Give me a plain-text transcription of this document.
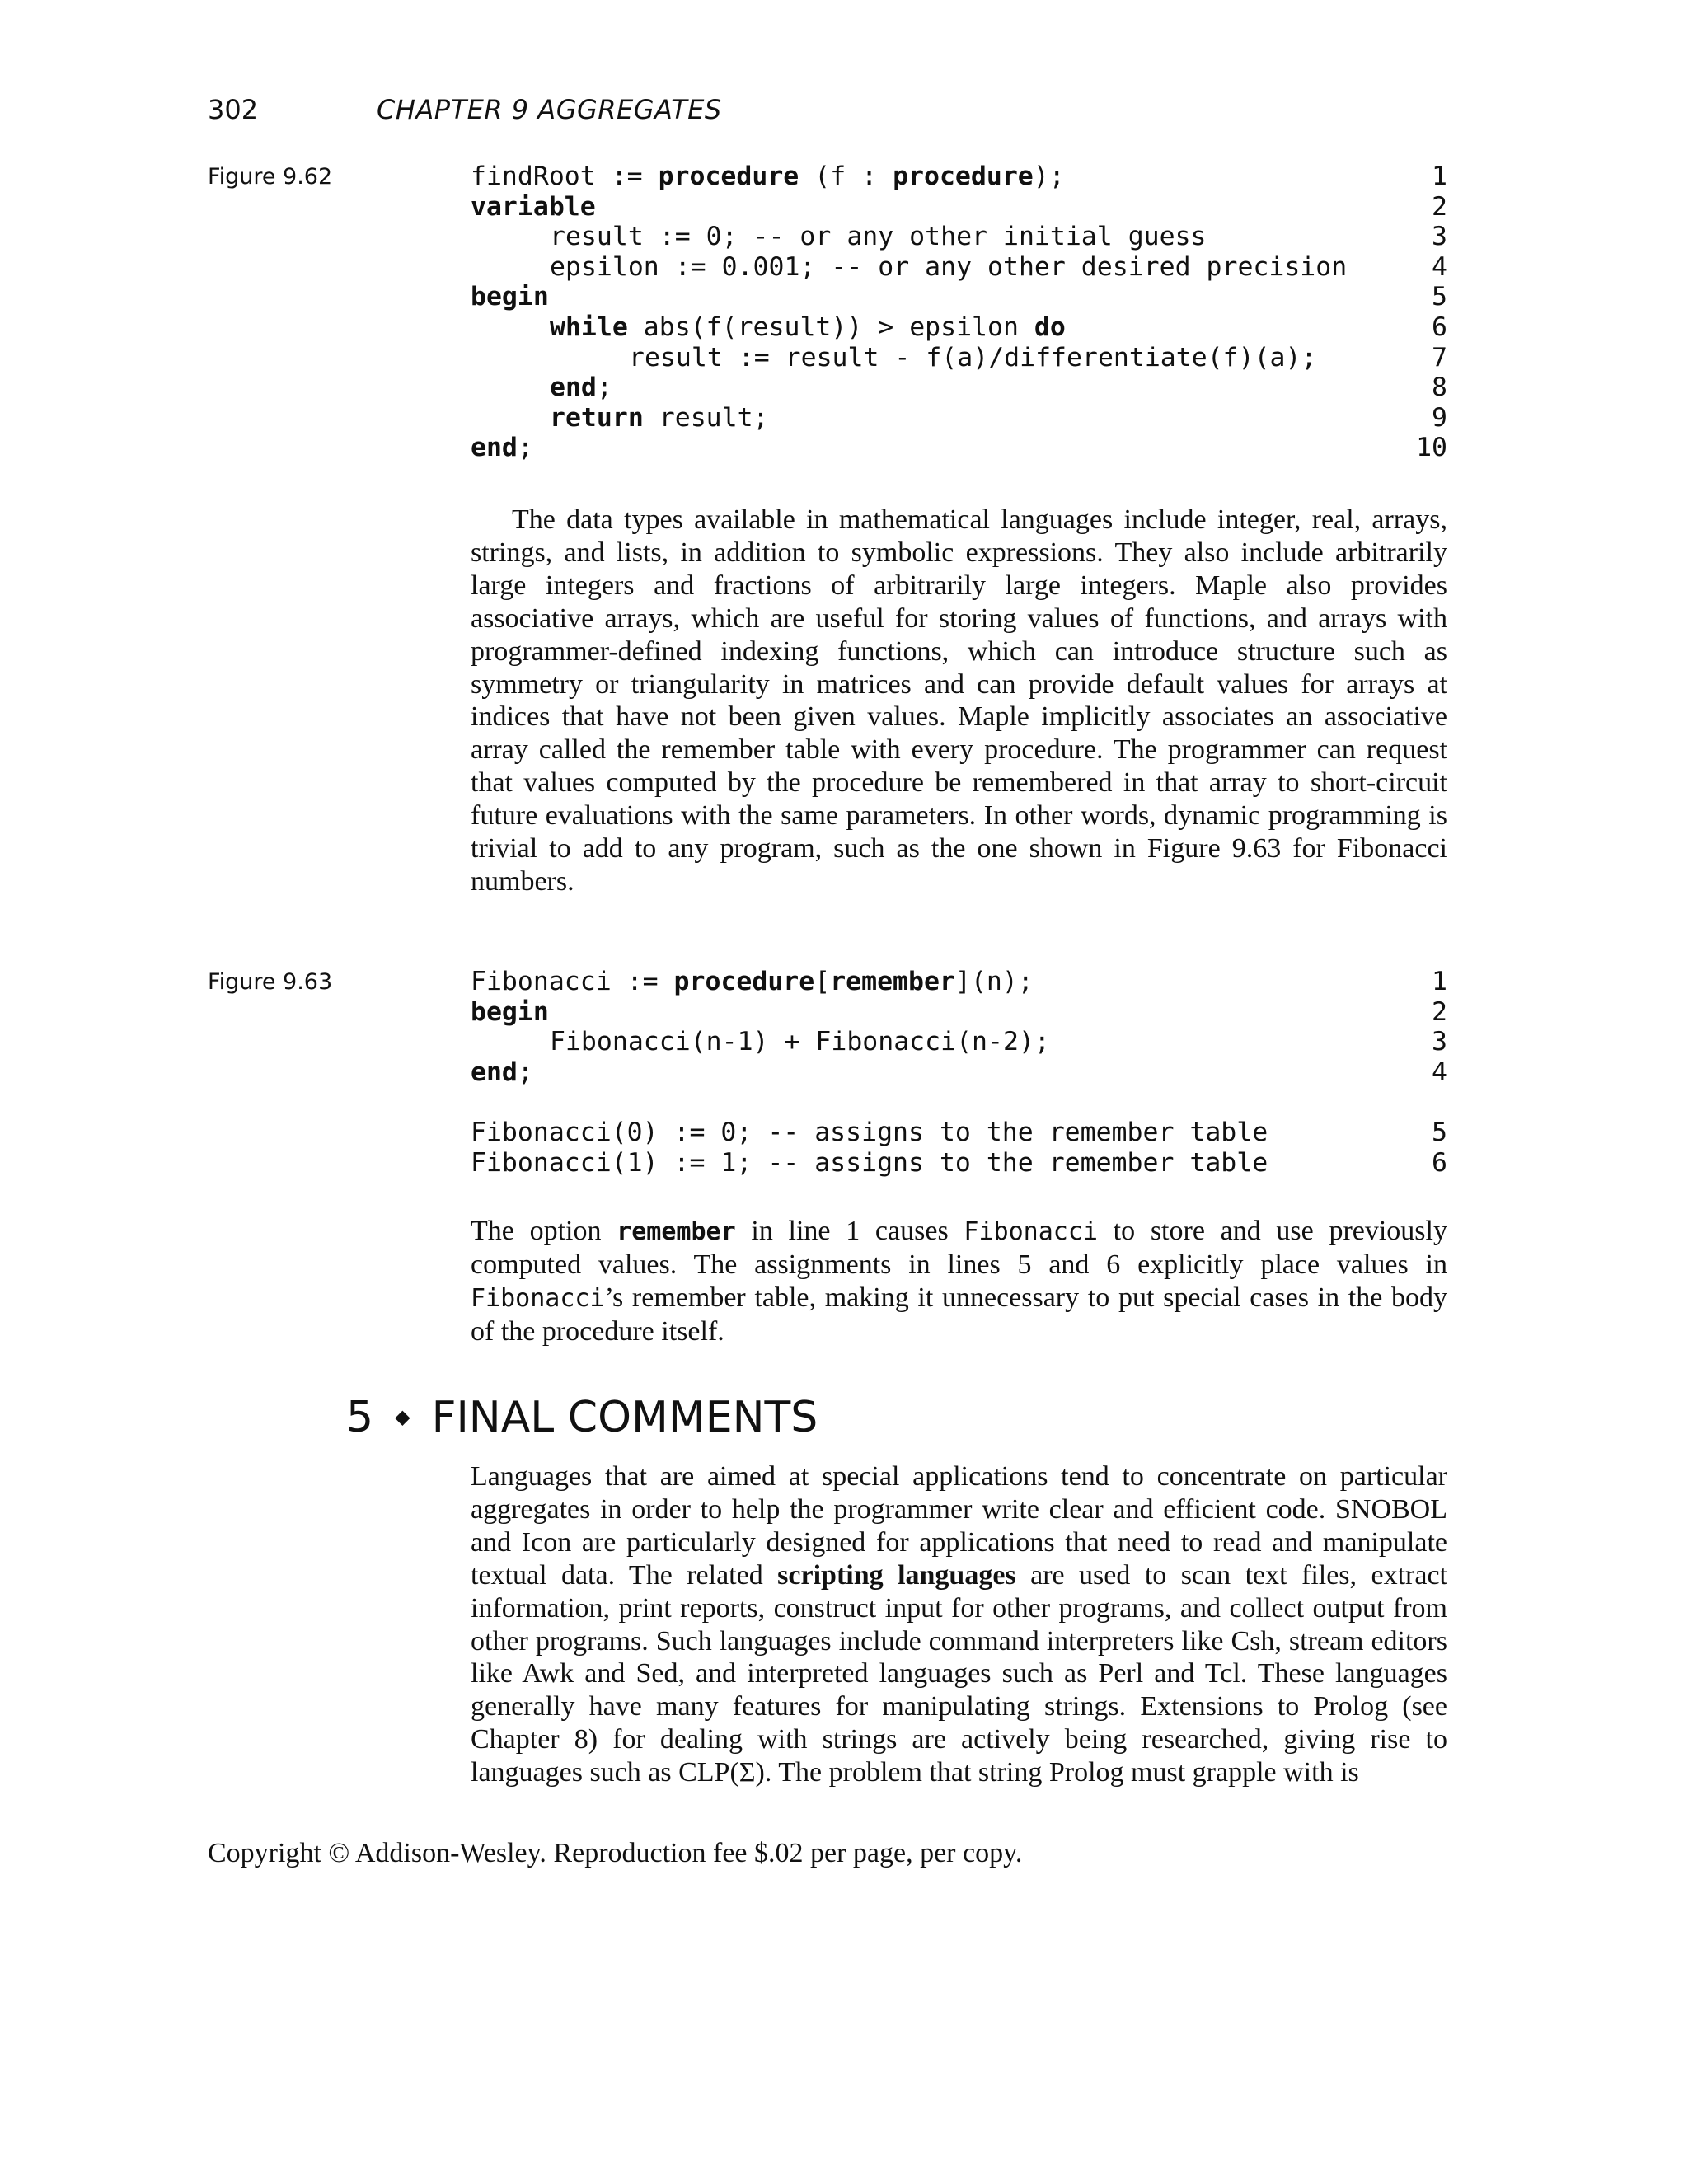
302	CHAPTER 9 AGGREGATES
Figure 9.62	findRoot := procedure (f : procedure);	1
variable	2
result := 0; -- or any other initial guess	3
epsilon := 0.001; -- or any other desired precision	4
begin	5
while abs(f(result)) > epsilon do	6
result := result - f(a)/differentiate(f)(a);	7
end;	8
return result;	9
end;	10

The data types available in mathematical languages include integer, real, arrays, strings, and lists, in addition to symbolic expressions. They also include arbitrarily large integers and fractions of arbitrarily large integers. Maple also provides associative arrays, which are useful for storing values of functions, and arrays with programmer-defined indexing functions, which can introduce structure such as symmetry or triangularity in matrices and can provide default values for arrays at indices that have not been given values. Maple implicitly associates an associative array called the remember table with every procedure. The programmer can request that values computed by the procedure be remembered in that array to short-circuit future evaluations with the same parameters. In other words, dynamic programming is trivial to add to any program, such as the one shown in Figure 9.63 for Fibonacci numbers.

Figure 9.63	Fibonacci := procedure[remember](n);	1
begin	2
Fibonacci(n-1) + Fibonacci(n-2);	3
end;	4
Fibonacci(0) := 0; -- assigns to the remember table	5
Fibonacci(1) := 1; -- assigns to the remember table	6

The option remember in line 1 causes Fibonacci to store and use previously computed values. The assignments in lines 5 and 6 explicitly place values in Fibonacci’s remember table, making it unnecessary to put special cases in the body of the procedure itself.

5 ◆ FINAL COMMENTS

Languages that are aimed at special applications tend to concentrate on particular aggregates in order to help the programmer write clear and efficient code. SNOBOL and Icon are particularly designed for applications that need to read and manipulate textual data. The related scripting languages are used to scan text files, extract information, print reports, construct input for other programs, and collect output from other programs. Such languages include command interpreters like Csh, stream editors like Awk and Sed, and interpreted languages such as Perl and Tcl. These languages generally have many features for manipulating strings. Extensions to Prolog (see Chapter 8) for dealing with strings are actively being researched, giving rise to languages such as CLP(Σ). The problem that string Prolog must grapple with is

Copyright © Addison-Wesley. Reproduction fee $.02 per page, per copy.
